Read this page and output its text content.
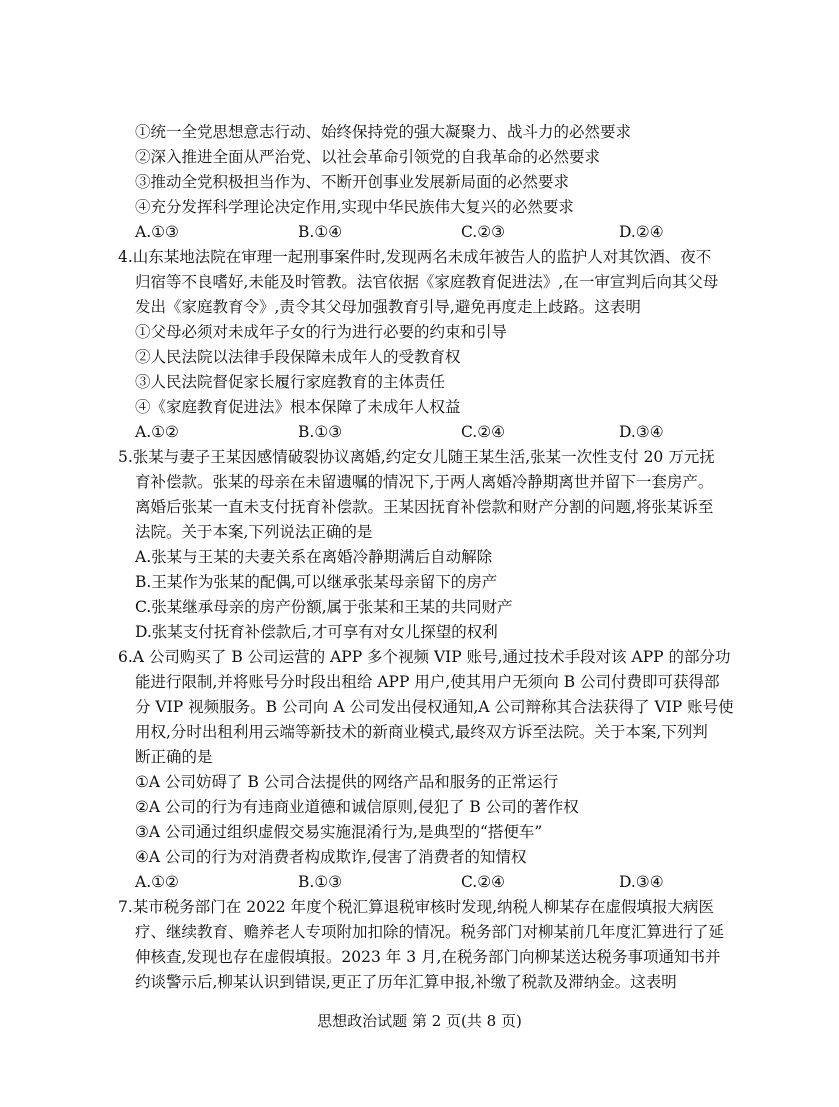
①统一全党思想意志行动、始终保持党的强大凝聚力、战斗力的必然要求
②深入推进全面从严治党、以社会革命引领党的自我革命的必然要求
③推动全党积极担当作为、不断开创事业发展新局面的必然要求
④充分发挥科学理论决定作用,实现中华民族伟大复兴的必然要求
A.①③	B.①④	C.②③	D.②④
4.山东某地法院在审理一起刑事案件时,发现两名未成年被告人的监护人对其饮酒、夜不
归宿等不良嗜好,未能及时管教。法官依据《家庭教育促进法》,在一审宣判后向其父母
发出《家庭教育令》,责令其父母加强教育引导,避免再度走上歧路。这表明
①父母必须对未成年子女的行为进行必要的约束和引导
②人民法院以法律手段保障未成年人的受教育权
③人民法院督促家长履行家庭教育的主体责任
④《家庭教育促进法》根本保障了未成年人权益
A.①②	B.①③	C.②④	D.③④
5.张某与妻子王某因感情破裂协议离婚,约定女儿随王某生活,张某一次性支付 20 万元抚
育补偿款。张某的母亲在未留遗嘱的情况下,于两人离婚冷静期离世并留下一套房产。
离婚后张某一直未支付抚育补偿款。王某因抚育补偿款和财产分割的问题,将张某诉至
法院。关于本案,下列说法正确的是
A.张某与王某的夫妻关系在离婚冷静期满后自动解除
B.王某作为张某的配偶,可以继承张某母亲留下的房产
C.张某继承母亲的房产份额,属于张某和王某的共同财产
D.张某支付抚育补偿款后,才可享有对女儿探望的权利
6.A 公司购买了 B 公司运营的 APP 多个视频 VIP 账号,通过技术手段对该 APP 的部分功
能进行限制,并将账号分时段出租给 APP 用户,使其用户无须向 B 公司付费即可获得部
分 VIP 视频服务。B 公司向 A 公司发出侵权通知,A 公司辩称其合法获得了 VIP 账号使
用权,分时出租利用云端等新技术的新商业模式,最终双方诉至法院。关于本案,下列判
断正确的是
①A 公司妨碍了 B 公司合法提供的网络产品和服务的正常运行
②A 公司的行为有违商业道德和诚信原则,侵犯了 B 公司的著作权
③A 公司通过组织虚假交易实施混淆行为,是典型的“搭便车”
④A 公司的行为对消费者构成欺诈,侵害了消费者的知情权
A.①②	B.①③	C.②④	D.③④
7.某市税务部门在 2022 年度个税汇算退税审核时发现,纳税人柳某存在虚假填报大病医
疗、继续教育、赡养老人专项附加扣除的情况。税务部门对柳某前几年度汇算进行了延
伸核查,发现也存在虚假填报。2023 年 3 月,在税务部门向柳某送达税务事项通知书并
约谈警示后,柳某认识到错误,更正了历年汇算申报,补缴了税款及滞纳金。这表明
思想政治试题 第 2 页(共 8 页)
